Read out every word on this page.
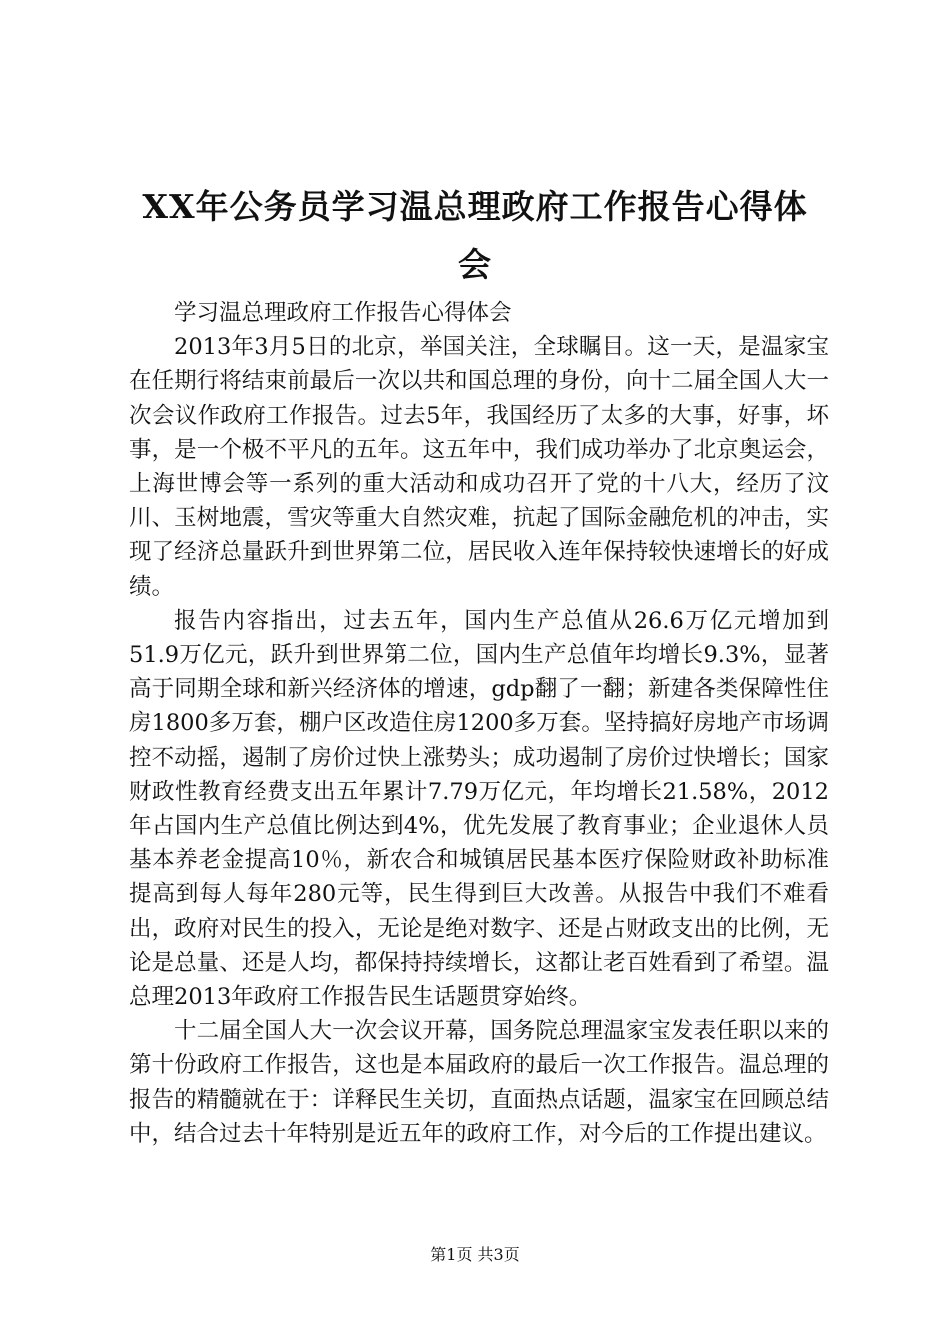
XX年公务员学习温总理政府工作报告心得体
会

学习温总理政府工作报告心得体会

2013年3月5日的北京，举国关注，全球瞩目。这一天，是温家宝在任期行将结束前最后一次以共和国总理的身份，向十二届全国人大一次会议作政府工作报告。过去5年，我国经历了太多的大事，好事，坏事，是一个极不平凡的五年。这五年中，我们成功举办了北京奥运会，上海世博会等一系列的重大活动和成功召开了党的十八大，经历了汶川、玉树地震，雪灾等重大自然灾难，抗起了国际金融危机的冲击，实现了经济总量跃升到世界第二位，居民收入连年保持较快速增长的好成绩。

报告内容指出，过去五年，国内生产总值从26.6万亿元增加到51.9万亿元，跃升到世界第二位，国内生产总值年均增长9.3%，显著高于同期全球和新兴经济体的增速，gdp翻了一翻；新建各类保障性住房1800多万套，棚户区改造住房1200多万套。坚持搞好房地产市场调控不动摇，遏制了房价过快上涨势头；成功遏制了房价过快增长；国家财政性教育经费支出五年累计7.79万亿元，年均增长21.58%，2012年占国内生产总值比例达到4%，优先发展了教育事业；企业退休人员基本养老金提高10％，新农合和城镇居民基本医疗保险财政补助标准提高到每人每年280元等，民生得到巨大改善。从报告中我们不难看出，政府对民生的投入，无论是绝对数字、还是占财政支出的比例，无论是总量、还是人均，都保持持续增长，这都让老百姓看到了希望。温总理2013年政府工作报告民生话题贯穿始终。

十二届全国人大一次会议开幕，国务院总理温家宝发表任职以来的第十份政府工作报告，这也是本届政府的最后一次工作报告。温总理的报告的精髓就在于：详释民生关切，直面热点话题，温家宝在回顾总结中，结合过去十年特别是近五年的政府工作，对今后的工作提出建议。

第1页 共3页
